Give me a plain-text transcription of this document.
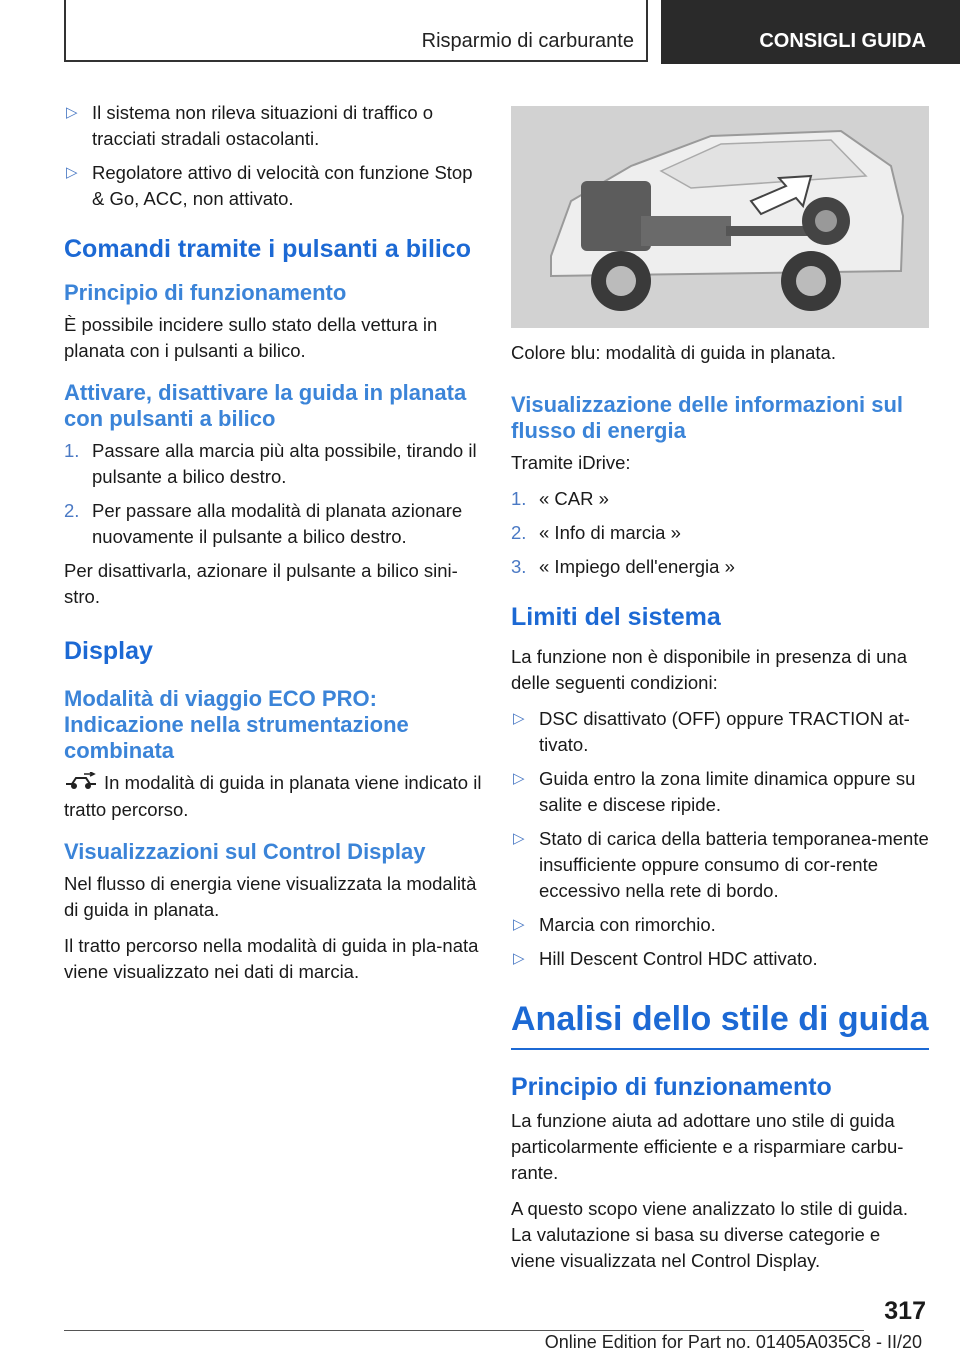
Risparmio di carburante	CONSIGLI GUIDA
▷ Il sistema non rileva situazioni di traffico o tracciati stradali ostacolanti.
▷ Regolatore attivo di velocità con funzione Stop & Go, ACC, non attivato.
Comandi tramite i pulsanti a bilico
Principio di funzionamento

È possibile incidere sullo stato della vettura in planata con i pulsanti a bilico.

Attivare, disattivare la guida in planata con pulsanti a bilico
1. Passare alla marcia più alta possibile, tirando il pulsante a bilico destro.
2. Per passare alla modalità di planata azionare nuovamente il pulsante a bilico destro.

Per disattivarla, azionare il pulsante a bilico sini-stro.

Display
Modalità di viaggio ECO PRO: Indicazione nella strumentazione combinata

In modalità di guida in planata viene indicato il tratto percorso.

Visualizzazioni sul Control Display

Nel flusso di energia viene visualizzata la modalità di guida in planata.

Il tratto percorso nella modalità di guida in pla-nata viene visualizzato nei dati di marcia.

Colore blu: modalità di guida in planata.

Visualizzazione delle informazioni sul flusso di energia

Tramite iDrive:

1. « CAR »
2. « Info di marcia »
3. « Impiego dell'energia »
Limiti del sistema

La funzione non è disponibile in presenza di una delle seguenti condizioni:

▷ DSC disattivato (OFF) oppure TRACTION at-tivato.
▷ Guida entro la zona limite dinamica oppure su salite e discese ripide.
▷ Stato di carica della batteria temporanea-mente insufficiente oppure consumo di cor-rente eccessivo nella rete di bordo.
▷ Marcia con rimorchio.
▷ Hill Descent Control HDC attivato.
Analisi dello stile di guida
Principio di funzionamento

La funzione aiuta ad adottare uno stile di guida particolarmente efficiente e a risparmiare carbu-rante.

A questo scopo viene analizzato lo stile di guida. La valutazione si basa su diverse categorie e viene visualizzata nel Control Display.

317
Online Edition for Part no. 01405A035C8 - II/20
